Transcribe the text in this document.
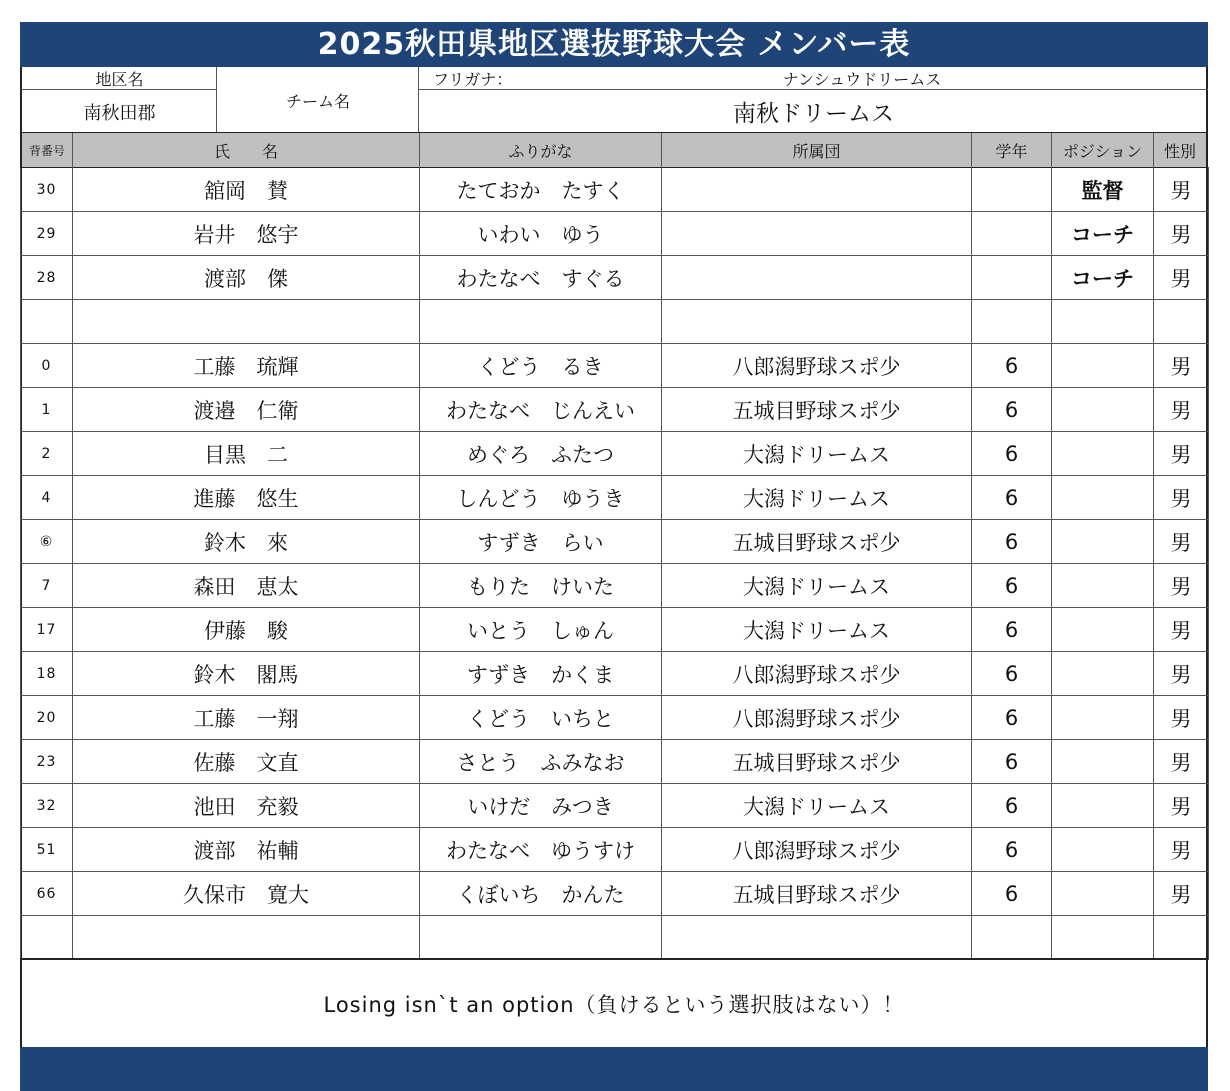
2025秋田県地区選抜野球大会 メンバー表
地区名
南秋田郡
チーム名
フリガナ：	ナンシュウドリームス
南秋ドリームス
背番号	氏　　名	ふりがな	所属団	学年	ポジション	性別
30	舘岡　賛	たておか　たすく			監督	男
29	岩井　悠宇	いわい　ゆう			コーチ	男
28	渡部　傑	わたなべ　すぐる			コーチ	男

0	工藤　琉輝	くどう　るき	八郎潟野球スポ少	6		男
1	渡邉　仁衛	わたなべ　じんえい	五城目野球スポ少	6		男
2	目黒　二	めぐろ　ふたつ	大潟ドリームス	6		男
4	進藤　悠生	しんどう　ゆうき	大潟ドリームス	6		男
⑥	鈴木　來	すずき　らい	五城目野球スポ少	6		男
7	森田　恵太	もりた　けいた	大潟ドリームス	6		男
17	伊藤　駿	いとう　しゅん	大潟ドリームス	6		男
18	鈴木　閣馬	すずき　かくま	八郎潟野球スポ少	6		男
20	工藤　一翔	くどう　いちと	八郎潟野球スポ少	6		男
23	佐藤　文直	さとう　ふみなお	五城目野球スポ少	6		男
32	池田　充毅	いけだ　みつき	大潟ドリームス	6		男
51	渡部　祐輔	わたなべ　ゆうすけ	八郎潟野球スポ少	6		男
66	久保市　寛大	くぼいち　かんた	五城目野球スポ少	6		男

Losing isn`t an option（負けるという選択肢はない）！
